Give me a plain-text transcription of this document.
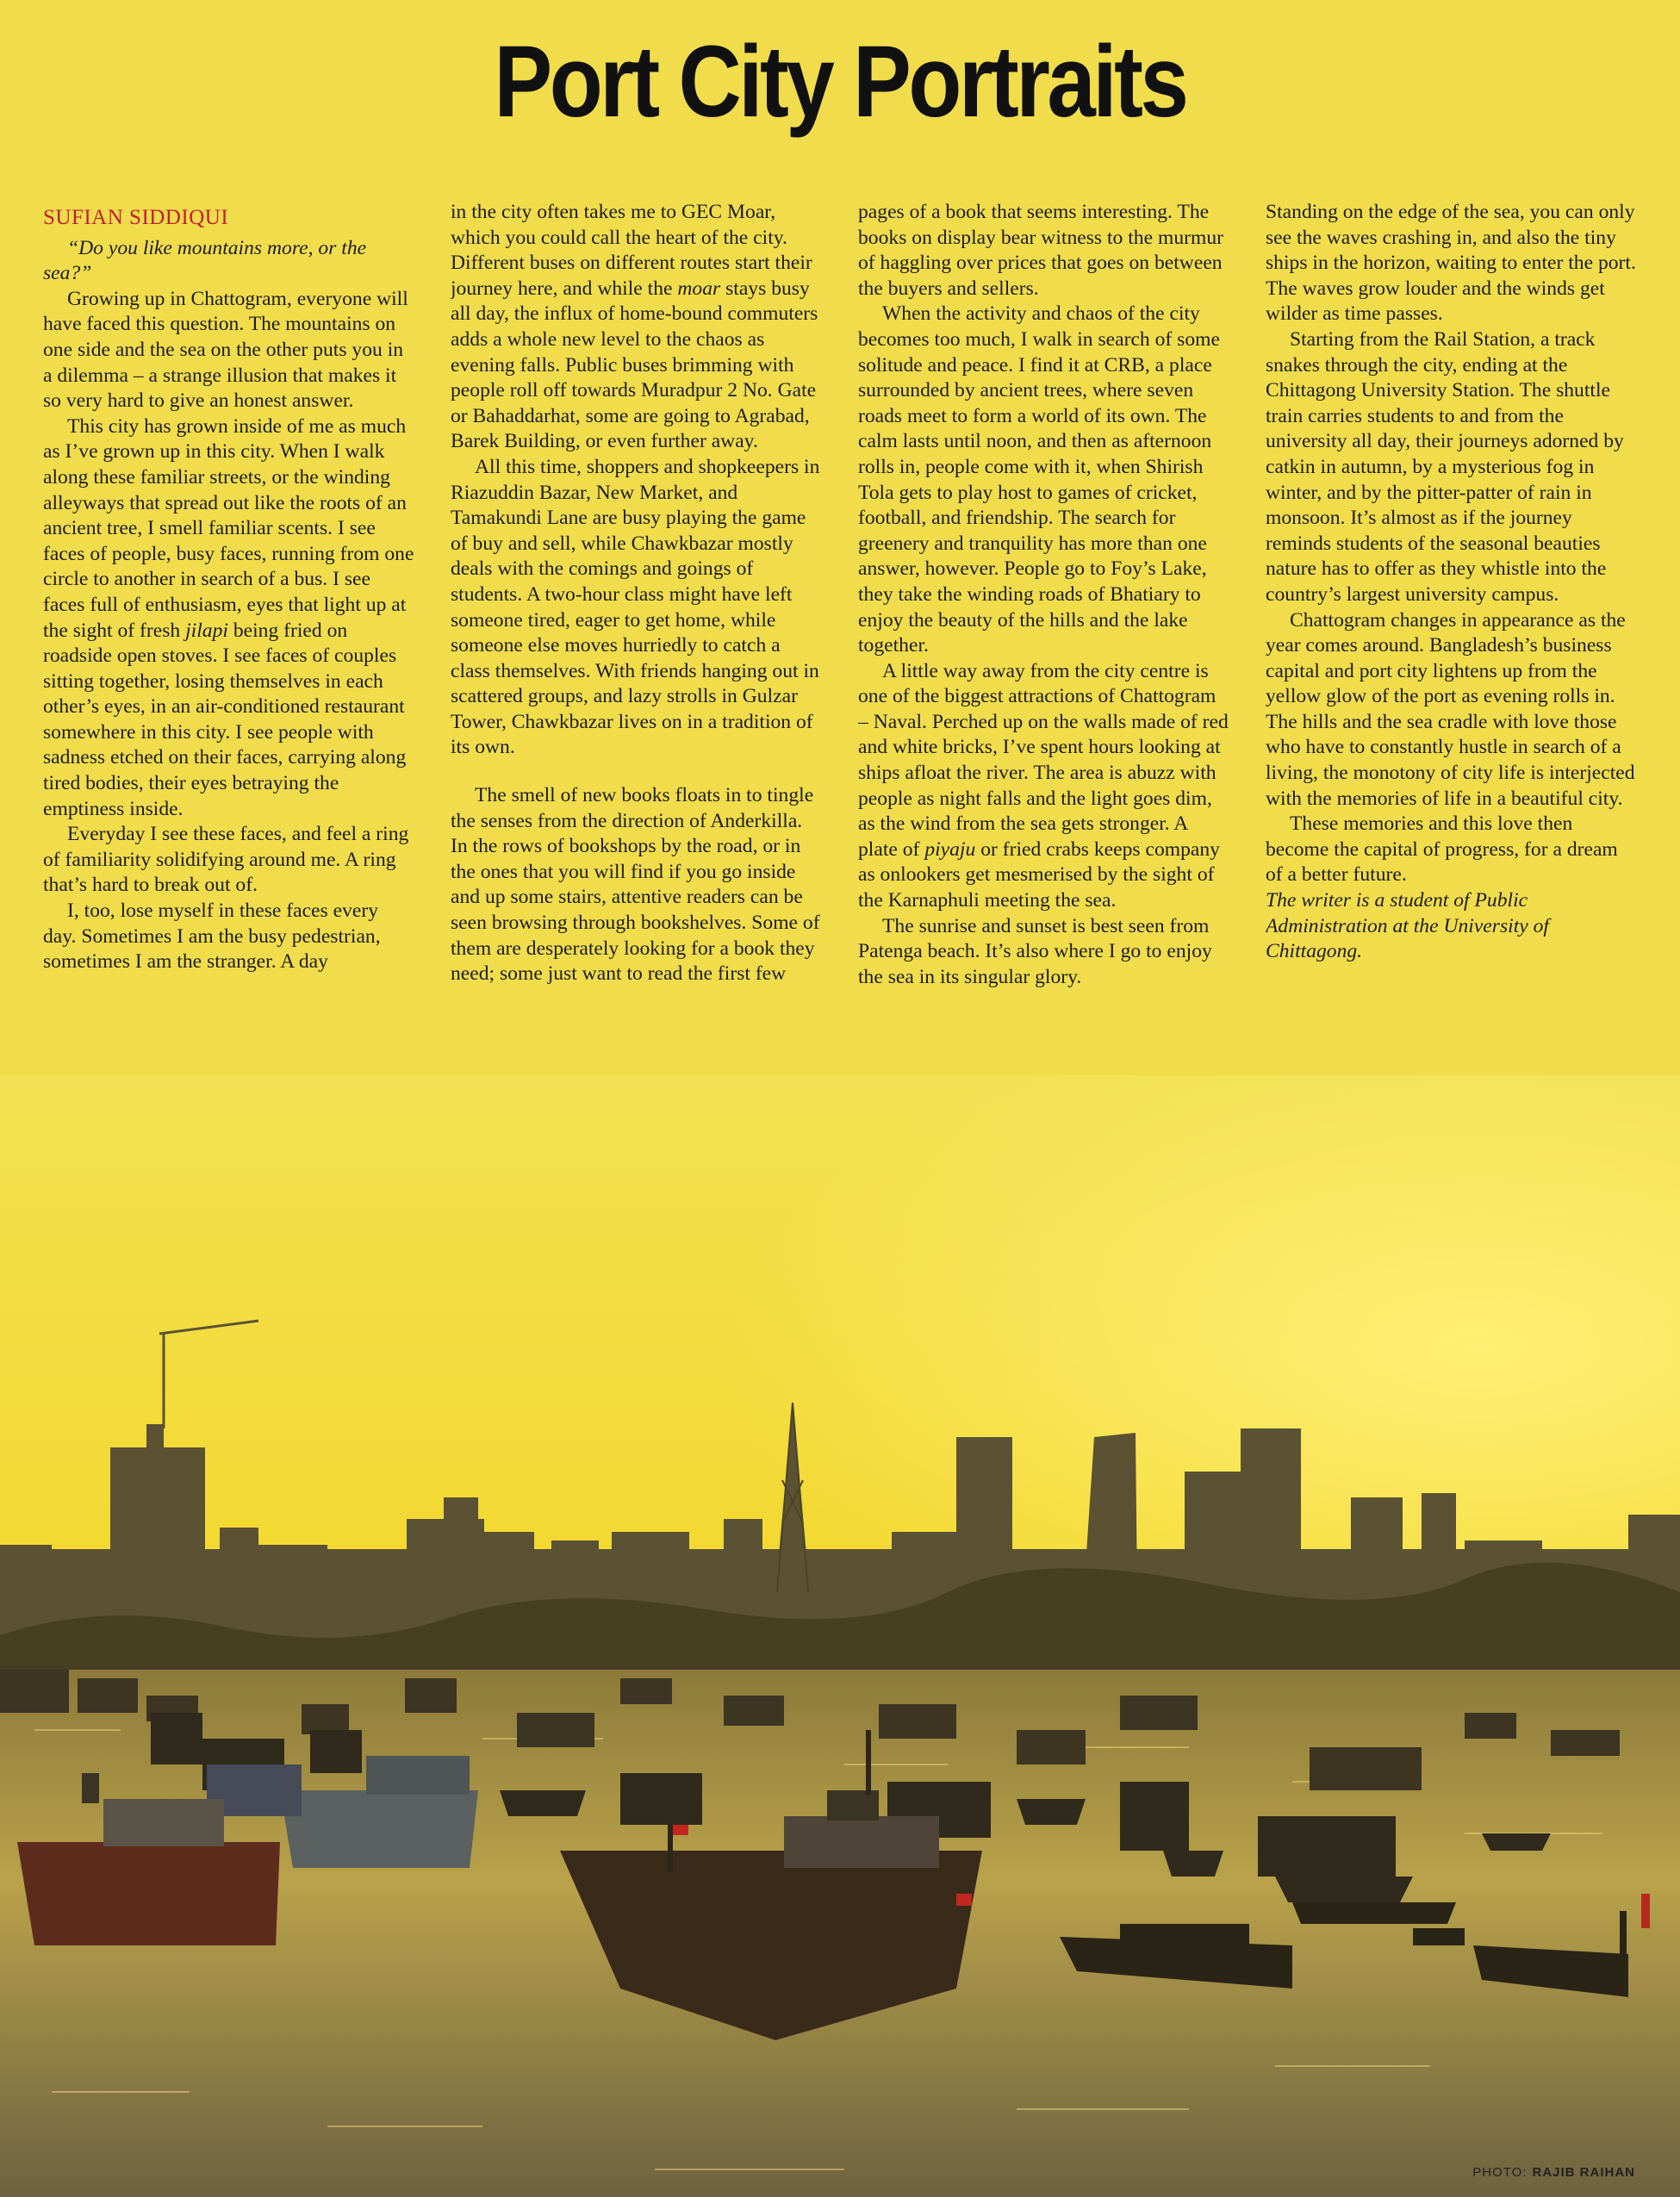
Port City Portraits
SUFIAN SIDDIQUI

“Do you like mountains more, or the sea?”

Growing up in Chattogram, everyone will have faced this question. The mountains on one side and the sea on the other puts you in a dilemma – a strange illusion that makes it so very hard to give an honest answer.

This city has grown inside of me as much as I’ve grown up in this city. When I walk along these familiar streets, or the winding alleyways that spread out like the roots of an ancient tree, I smell familiar scents. I see faces of people, busy faces, running from one circle to another in search of a bus. I see faces full of enthusiasm, eyes that light up at the sight of fresh jilapi being fried on roadside open stoves. I see faces of couples sitting together, losing themselves in each other’s eyes, in an air-conditioned restaurant somewhere in this city. I see people with sadness etched on their faces, carrying along tired bodies, their eyes betraying the emptiness inside.

Everyday I see these faces, and feel a ring of familiarity solidifying around me. A ring that’s hard to break out of.

I, too, lose myself in these faces every day. Sometimes I am the busy pedestrian, sometimes I am the stranger. A day

in the city often takes me to GEC Moar, which you could call the heart of the city. Different buses on different routes start their journey here, and while the moar stays busy all day, the influx of home-bound commuters adds a whole new level to the chaos as evening falls. Public buses brimming with people roll off towards Muradpur 2 No. Gate or Bahaddarhat, some are going to Agrabad, Barek Building, or even further away.

All this time, shoppers and shopkeepers in Riazuddin Bazar, New Market, and Tamakundi Lane are busy playing the game of buy and sell, while Chawkbazar mostly deals with the comings and goings of students. A two-hour class might have left someone tired, eager to get home, while someone else moves hurriedly to catch a class themselves. With friends hanging out in scattered groups, and lazy strolls in Gulzar Tower, Chawkbazar lives on in a tradition of its own.

The smell of new books floats in to tingle the senses from the direction of Anderkilla. In the rows of bookshops by the road, or in the ones that you will find if you go inside and up some stairs, attentive readers can be seen browsing through bookshelves. Some of them are desperately looking for a book they need; some just want to read the first few

pages of a book that seems interesting. The books on display bear witness to the murmur of haggling over prices that goes on between the buyers and sellers.

When the activity and chaos of the city becomes too much, I walk in search of some solitude and peace. I find it at CRB, a place surrounded by ancient trees, where seven roads meet to form a world of its own. The calm lasts until noon, and then as afternoon rolls in, people come with it, when Shirish Tola gets to play host to games of cricket, football, and friendship. The search for greenery and tranquility has more than one answer, however. People go to Foy’s Lake, they take the winding roads of Bhatiary to enjoy the beauty of the hills and the lake together.

A little way away from the city centre is one of the biggest attractions of Chattogram – Naval. Perched up on the walls made of red and white bricks, I’ve spent hours looking at ships afloat the river. The area is abuzz with people as night falls and the light goes dim, as the wind from the sea gets stronger. A plate of piyaju or fried crabs keeps company as onlookers get mesmerised by the sight of the Karnaphuli meeting the sea.

The sunrise and sunset is best seen from Patenga beach. It’s also where I go to enjoy the sea in its singular glory.

Standing on the edge of the sea, you can only see the waves crashing in, and also the tiny ships in the horizon, waiting to enter the port. The waves grow louder and the winds get wilder as time passes.

Starting from the Rail Station, a track snakes through the city, ending at the Chittagong University Station. The shuttle train carries students to and from the university all day, their journeys adorned by catkin in autumn, by a mysterious fog in winter, and by the pitter-patter of rain in monsoon. It’s almost as if the journey reminds students of the seasonal beauties nature has to offer as they whistle into the country’s largest university campus.

Chattogram changes in appearance as the year comes around. Bangladesh’s business capital and port city lightens up from the yellow glow of the port as evening rolls in. The hills and the sea cradle with love those who have to constantly hustle in search of a living, the monotony of city life is interjected with the memories of life in a beautiful city.

These memories and this love then become the capital of progress, for a dream of a better future.

The writer is a student of Public Administration at the University of Chittagong.

PHOTO: RAJIB RAIHAN
